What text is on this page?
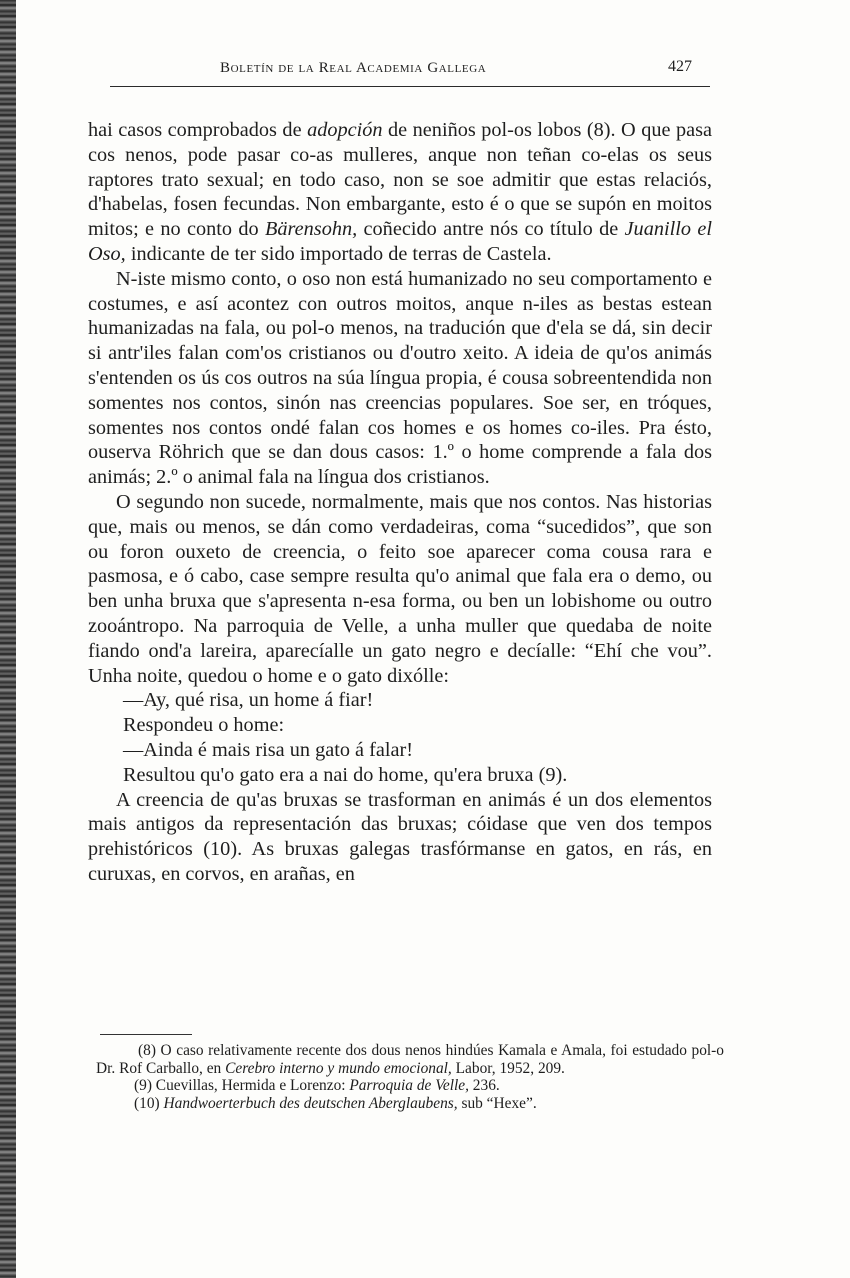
Boletín de la Real Academia Gallega	427

hai casos comprobados de adopción de neniños pol-os lobos (8). O que pasa cos nenos, pode pasar co-as mulleres, anque non teñan co-elas os seus raptores trato sexual; en todo caso, non se soe admitir que estas relaciós, d'habelas, fosen fecundas. Non embargante, esto é o que se supón en moitos mitos; e no conto do Bärensohn, coñecido antre nós co título de Juanillo el Oso, indicante de ter sido importado de terras de Castela.

N-iste mismo conto, o oso non está humanizado no seu comportamento e costumes, e así acontez con outros moitos, anque n-iles as bestas estean humanizadas na fala, ou pol-o menos, na tradución que d'ela se dá, sin decir si antr'iles falan com'os cristianos ou d'outro xeito. A ideia de qu'os animás s'entenden os ús cos outros na súa língua propia, é cousa sobreentendida non somentes nos contos, sinón nas creencias populares. Soe ser, en tróques, somentes nos contos ondé falan cos homes e os homes co-iles. Pra ésto, ouserva Röhrich que se dan dous casos: 1.º o home comprende a fala dos animás; 2.º o animal fala na língua dos cristianos.

O segundo non sucede, normalmente, mais que nos contos. Nas historias que, mais ou menos, se dán como verdadeiras, coma “sucedidos”, que son ou foron ouxeto de creencia, o feito soe aparecer coma cousa rara e pasmosa, e ó cabo, case sempre resulta qu'o animal que fala era o demo, ou ben unha bruxa que s'apresenta n-esa forma, ou ben un lobishome ou outro zooántropo. Na parroquia de Velle, a unha muller que quedaba de noite fiando ond'a lareira, aparecíalle un gato negro e decíalle: “Ehí che vou”. Unha noite, quedou o home e o gato dixólle:

—Ay, qué risa, un home á fiar!

Respondeu o home:

—Ainda é mais risa un gato á falar!

Resultou qu'o gato era a nai do home, qu'era bruxa (9).

A creencia de qu'as bruxas se trasforman en animás é un dos elementos mais antigos da representación das bruxas; cóidase que ven dos tempos prehistóricos (10). As bruxas galegas trasfórmanse en gatos, en rás, en curuxas, en corvos, en arañas, en

(8) O caso relativamente recente dos dous nenos hindúes Kamala e Amala, foi estudado pol-o Dr. Rof Carballo, en Cerebro interno y mundo emocional, Labor, 1952, 209.

(9) Cuevillas, Hermida e Lorenzo: Parroquia de Velle, 236.

(10) Handwoerterbuch des deutschen Aberglaubens, sub “Hexe”.
